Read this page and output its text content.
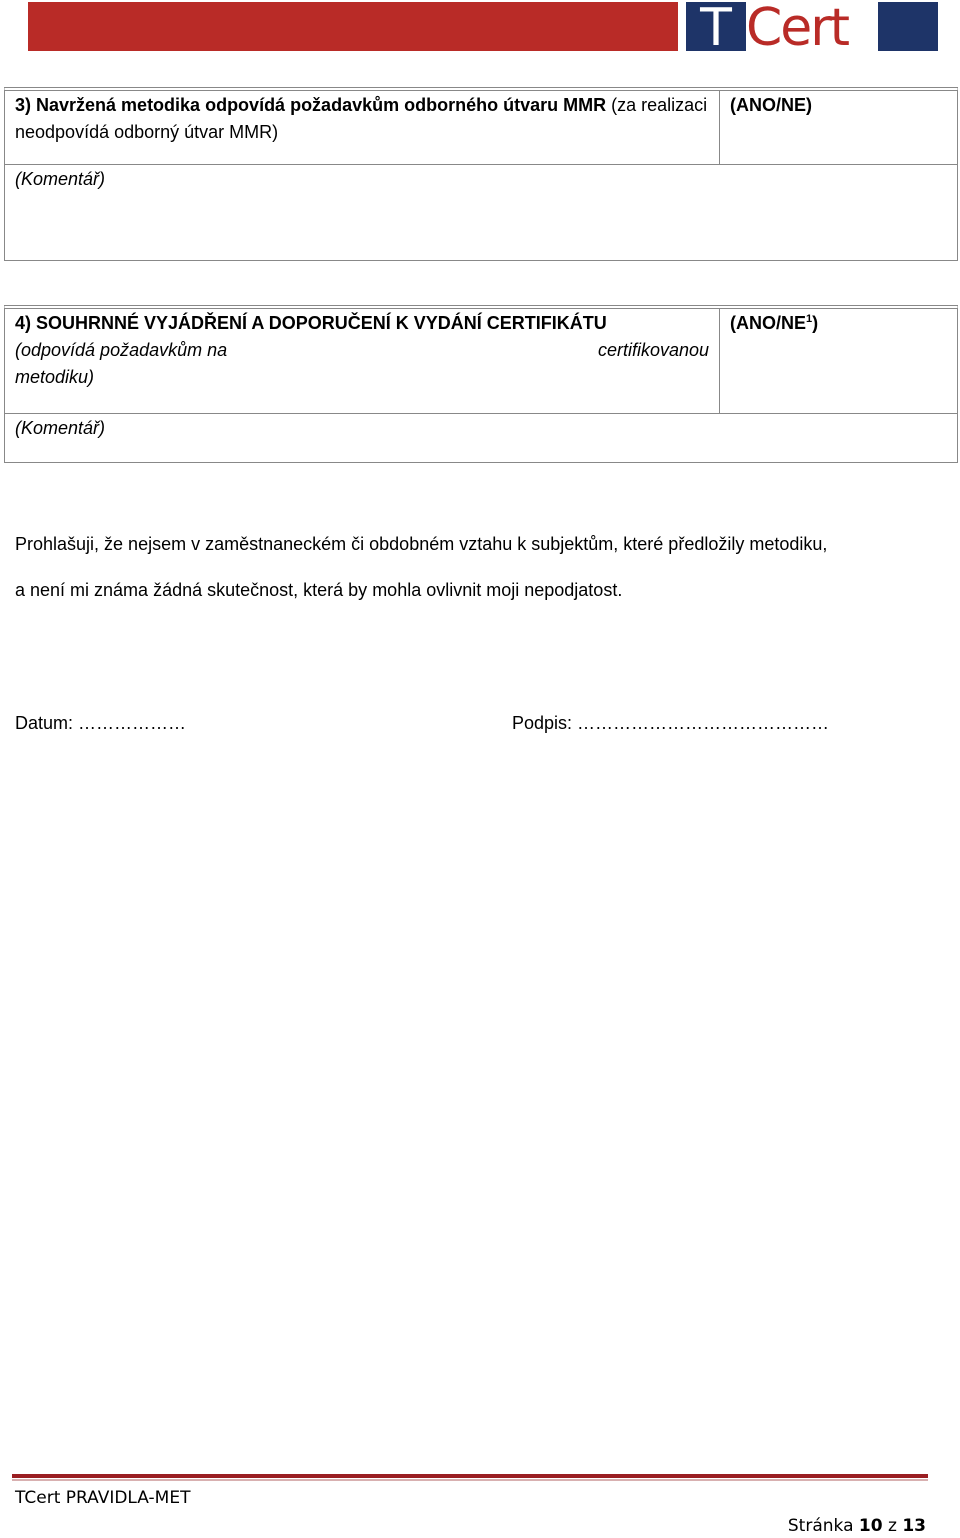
T Cert
3) Navržená metodika odpovídá požadavkům odborného útvaru MMR (za realizaci neodpovídá odborný útvar MMR)
(ANO/NE)
(Komentář)
4) SOUHRNNÉ VYJÁDŘENÍ A DOPORUČENÍ K VYDÁNÍ CERTIFIKÁTU
(odpovídá požadavkům na	certifikovanou
metodiku)
$(ANO/NE^1)$
(Komentář)

Prohlašuji, že nejsem v zaměstnaneckém či obdobném vztahu k subjektům, které předložily metodiku,

a není mi známa žádná skutečnost, která by mohla ovlivnit moji nepodjatost.

Datum: ………………	Podpis: ……………………………………
TCert PRAVIDLA-MET
Stránka 10 z 13
